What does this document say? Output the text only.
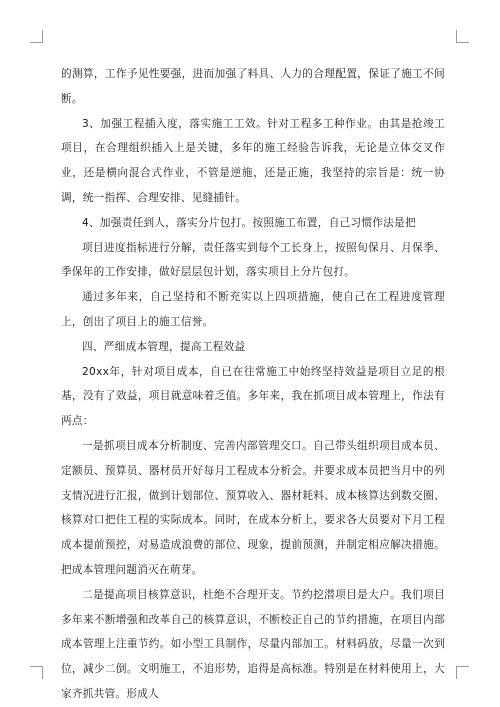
的测算，工作予见性要强，进而加强了料具、人力的合理配置，保证了施工不间断。

3、加强工程插入度，落实施工工效。针对工程多工种作业。由其是抢竣工项目，在合理组织插入上是关键，多年的施工经验告诉我，无论是立体交叉作业，还是横向混合式作业，不管是逆施，还是正施，我坚持的宗旨是：统一协调，统一指挥、合理安排、见缝插针。

4、加强责任到人，落实分片包打。按照施工布置，自己习惯作法是把

项目进度指标进行分解，责任落实到每个工长身上，按照旬保月、月保季、季保年的工作安排，做好层层包计划，落实项目上分片包打。

通过多年来，自己坚持和不断充实以上四项措施，使自己在工程进度管理上，创出了项目上的施工信誉。

四、严细成本管理，提高工程效益

20xx年，针对项目成本，自已在往常施工中始终坚持效益是项目立足的根基，没有了效益，项目就意味着乏值。多年来，我在抓项目成本管理上，作法有两点：

一是抓项目成本分析制度、完善内部管理交口。自己带头组织项目成本员、定额员、预算员、器材员开好每月工程成本分析会。并要求成本员把当月中的列支情况进行汇报，做到计划部位、预算收入、器材耗料、成本核算达到数交圈、核算对口把住工程的实际成本。同时，在成本分析上，要求各大员要对下月工程成本提前预控，对易造成浪费的部位、现象，提前预测，并制定相应解决措施。把成本管理问题消灭在萌芽。

二是提高项目核算意识，杜绝不合理开支。节约挖潜项目是大户。我们项目多年来不断增强和改革自己的核算意识，不断校正自己的节约措施，在项目内部成本管理上注重节约。如小型工具制作，尽量内部加工。材料码放，尽量一次到位，减少二倒。文明施工，不追形势，追得是高标准。特别是在材料使用上，大家齐抓共管。形成人
